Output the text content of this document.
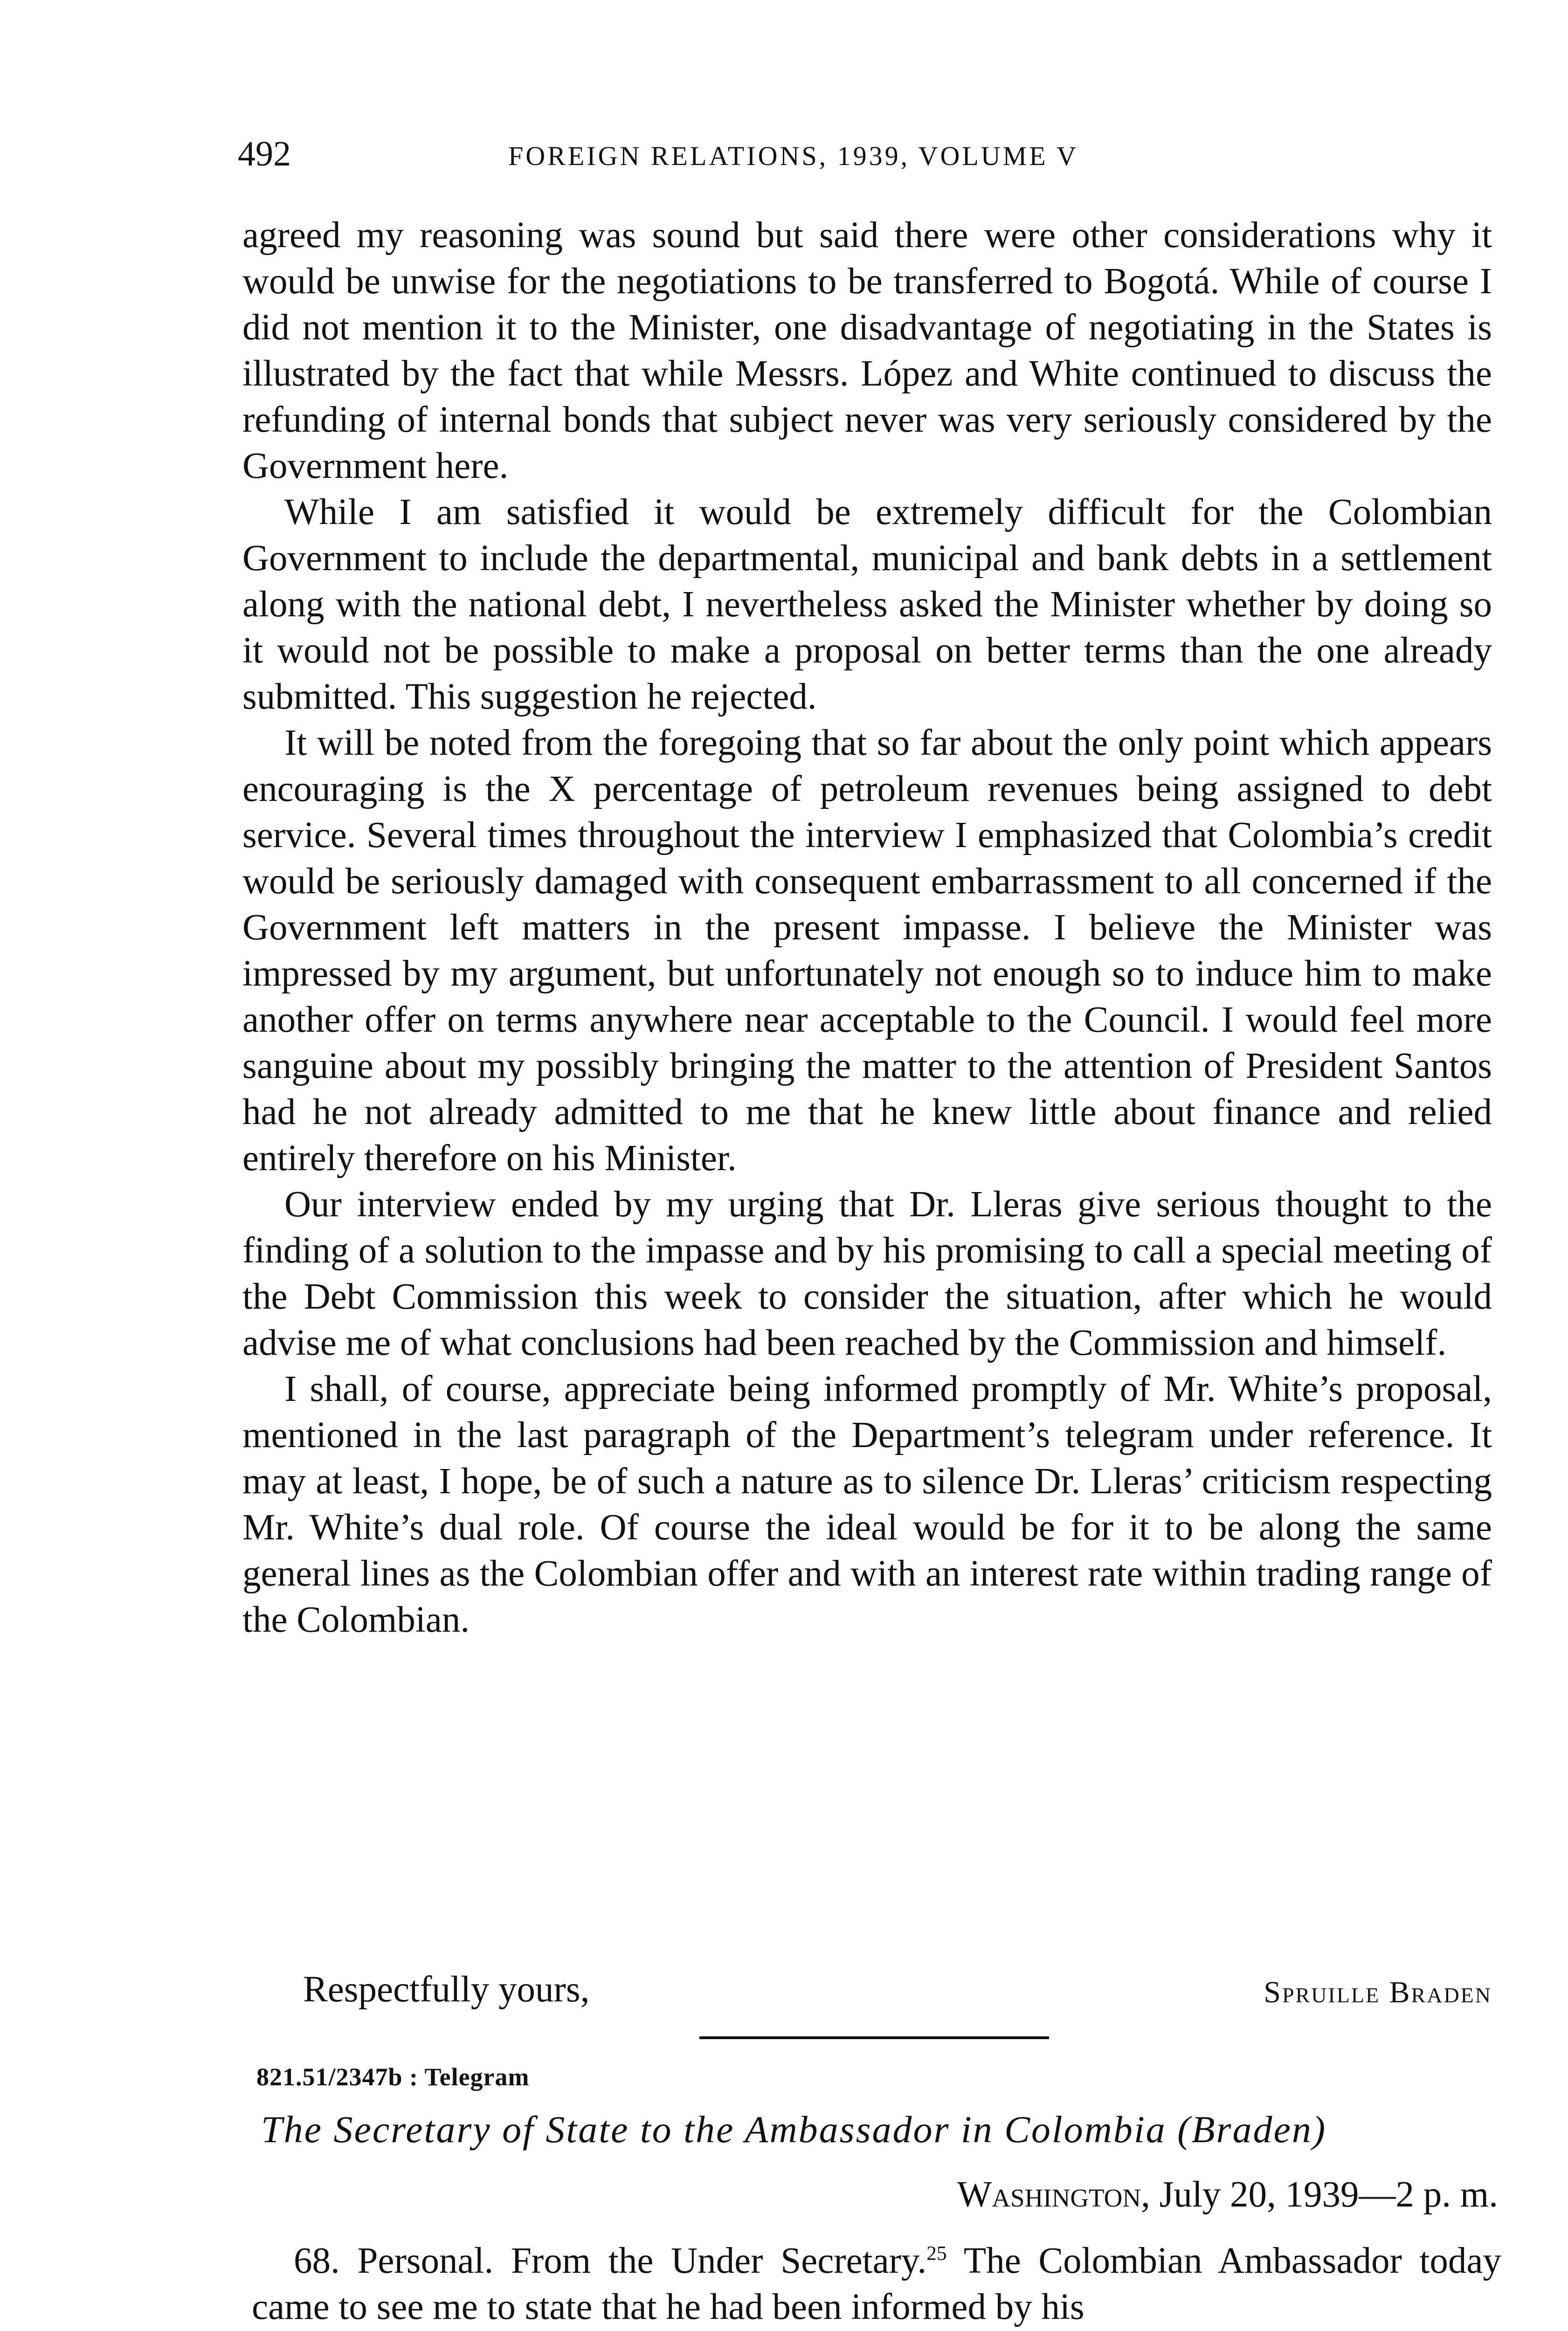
492	FOREIGN RELATIONS, 1939, VOLUME V

agreed my reasoning was sound but said there were other considerations why it would be unwise for the negotiations to be transferred to Bogotá. While of course I did not mention it to the Minister, one disadvantage of negotiating in the States is illustrated by the fact that while Messrs. López and White continued to discuss the refunding of internal bonds that subject never was very seriously considered by the Government here.

While I am satisfied it would be extremely difficult for the Colombian Government to include the departmental, municipal and bank debts in a settlement along with the national debt, I nevertheless asked the Minister whether by doing so it would not be possible to make a proposal on better terms than the one already submitted. This suggestion he rejected.

It will be noted from the foregoing that so far about the only point which appears encouraging is the X percentage of petroleum revenues being assigned to debt service. Several times throughout the interview I emphasized that Colombia’s credit would be seriously damaged with consequent embarrassment to all concerned if the Government left matters in the present impasse. I believe the Minister was impressed by my argument, but unfortunately not enough so to induce him to make another offer on terms anywhere near acceptable to the Council. I would feel more sanguine about my possibly bringing the matter to the attention of President Santos had he not already admitted to me that he knew little about finance and relied entirely therefore on his Minister.

Our interview ended by my urging that Dr. Lleras give serious thought to the finding of a solution to the impasse and by his promising to call a special meeting of the Debt Commission this week to consider the situation, after which he would advise me of what conclusions had been reached by the Commission and himself.

I shall, of course, appreciate being informed promptly of Mr. White’s proposal, mentioned in the last paragraph of the Department’s telegram under reference. It may at least, I hope, be of such a nature as to silence Dr. Lleras’ criticism respecting Mr. White’s dual role. Of course the ideal would be for it to be along the same general lines as the Colombian offer and with an interest rate within trading range of the Colombian.

Respectfully yours,	Spruille Braden
821.51/2347b : Telegram
The Secretary of State to the Ambassador in Colombia (Braden)
Washington, July 20, 1939—2 p. m.

68. Personal. From the Under Secretary.$^{25}$ The Colombian Ambassador today came to see me to state that he had been informed by his
